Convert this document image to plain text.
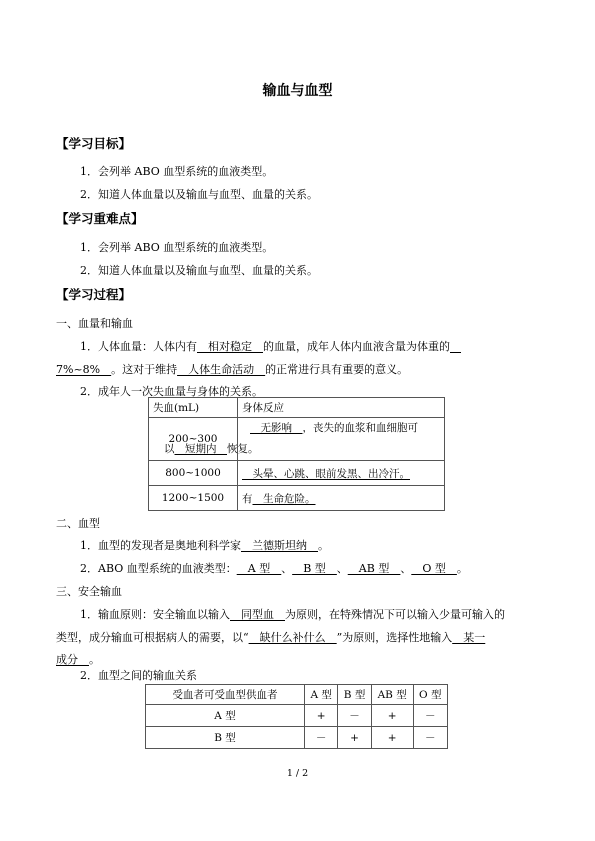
输血与血型
【学习目标】
1．会列举 ABO 血型系统的血液类型。
2．知道人体血量以及输血与血型、血量的关系。
【学习重难点】
1．会列举 ABO 血型系统的血液类型。
2．知道人体血量以及输血与血型、血量的关系。
【学习过程】
一、血量和输血
1．人体血量：人体内有__相对稳定__的血量，成年人体内血液含量为体重的__
7%~8%__。这对于维持__人体生命活动__的正常进行具有重要的意义。
2．成年人一次失血量与身体的关系。
失血(mL)	身体反应
200~300	__无影响__，丧失的血浆和血细胞可
以__短期内__恢复。

800~1000	__头晕、心跳、眼前发黑、出冷汗。
1200~1500	有__生命危险。
二、血型
1．血型的发现者是奥地利科学家__兰德斯坦纳__。
2．ABO 血型系统的血液类型：__A 型__、__B 型__、__AB 型__、__O 型__。
三、安全输血
1．输血原则：安全输血以输入__同型血__为原则，在特殊情况下可以输入少量可输入的
类型，成分输血可根据病人的需要，以“__缺什么补什么__”为原则，选择性地输入__某一
成分__。
2．血型之间的输血关系
受血者可受血型供血者	A 型	B 型	AB 型	O 型
A 型	+	－	+	－
B 型	－	+	+	－
1 / 2
